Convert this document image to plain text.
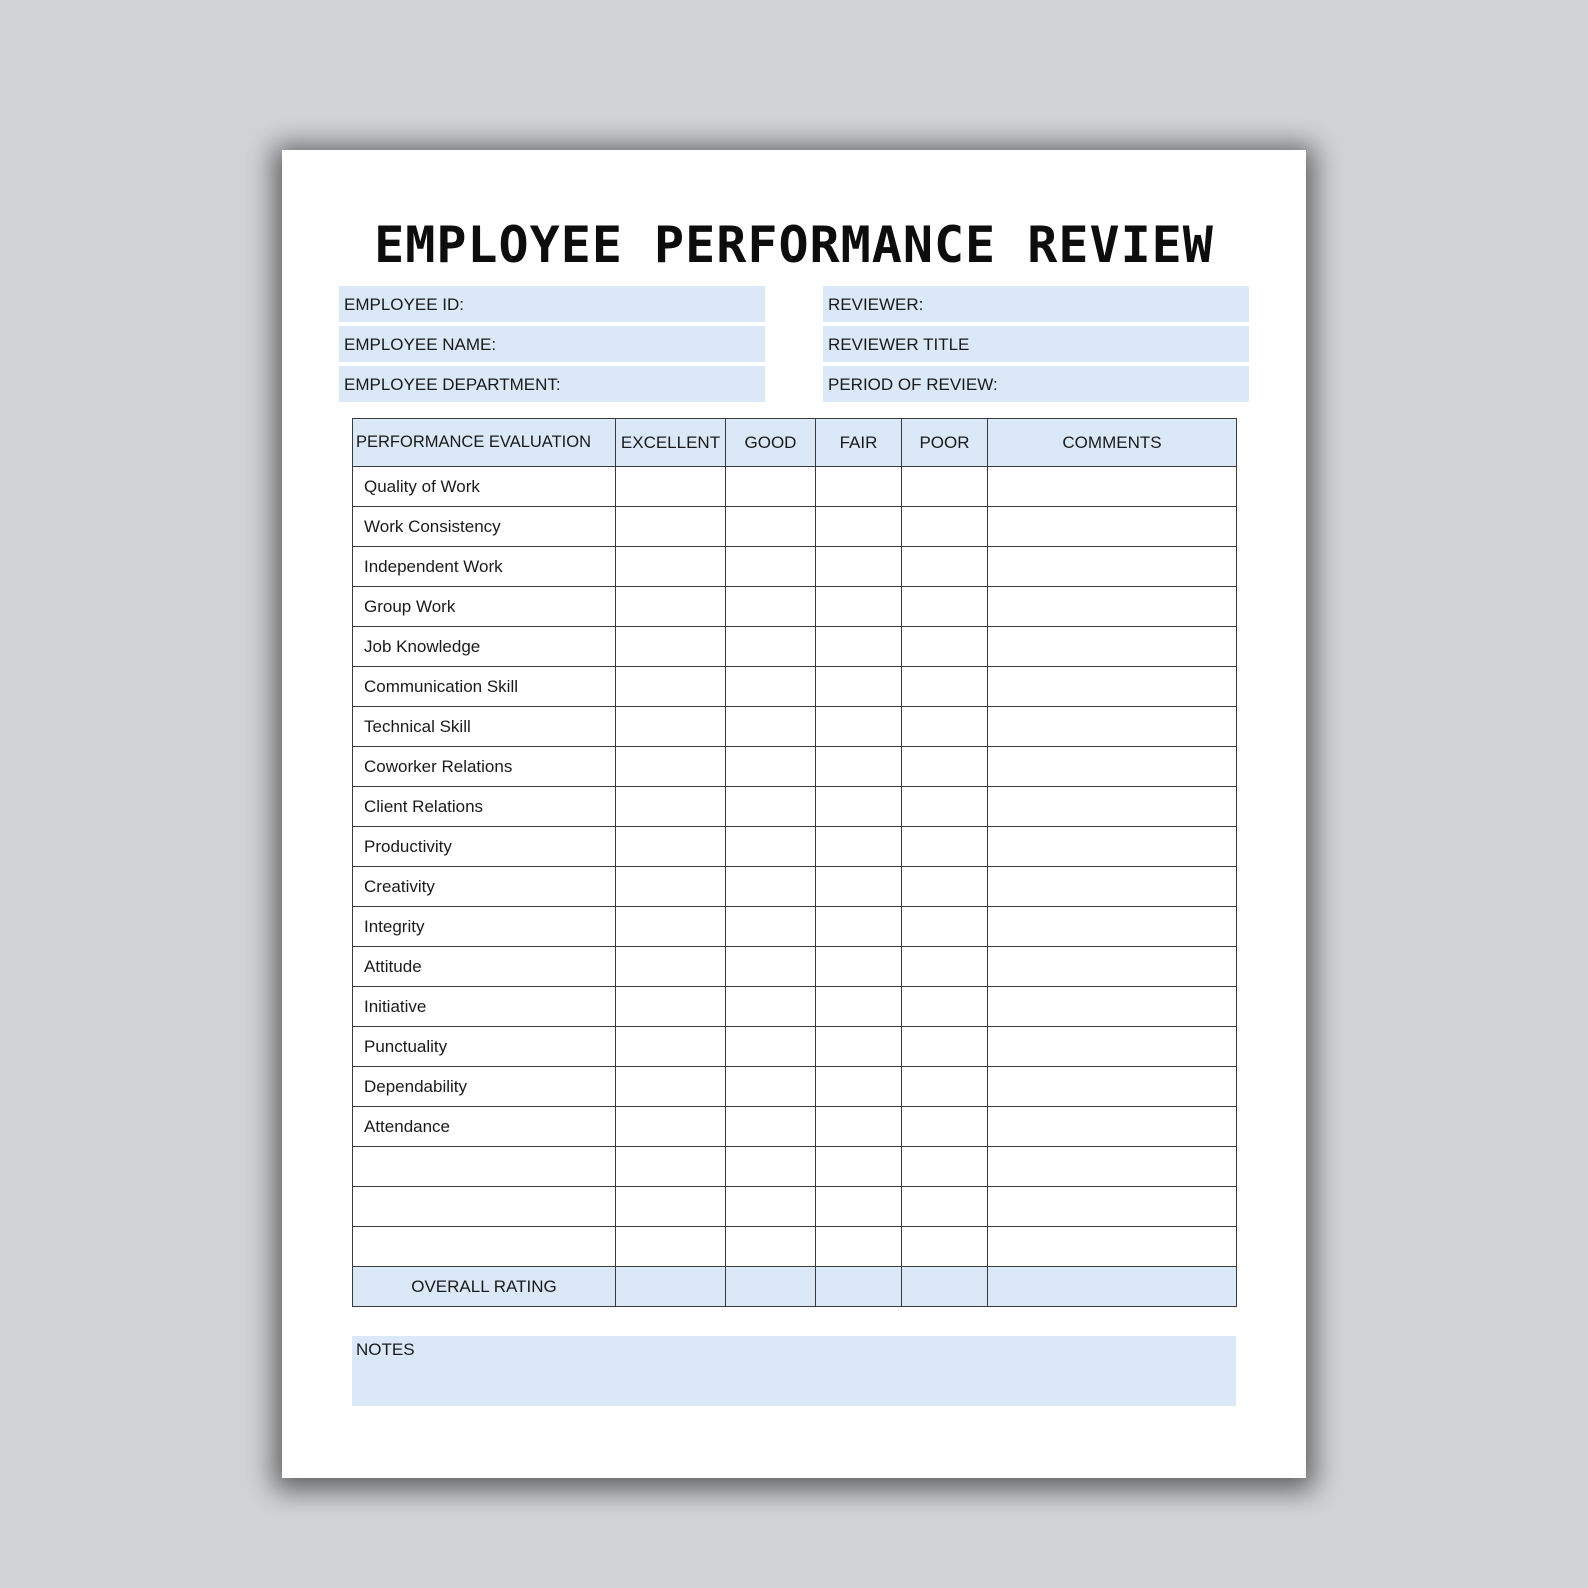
EMPLOYEE PERFORMANCE REVIEW
EMPLOYEE ID:
EMPLOYEE NAME:
EMPLOYEE DEPARTMENT:
REVIEWER:
REVIEWER TITLE
PERIOD OF REVIEW:
PERFORMANCE EVALUATION	EXCELLENT	GOOD	FAIR	POOR	COMMENTS
Quality of Work					
Work Consistency					
Independent Work					
Group Work					
Job Knowledge					
Communication Skill					
Technical Skill					
Coworker Relations					
Client Relations					
Productivity					
Creativity					
Integrity					
Attitude					
Initiative					
Punctuality					
Dependability					
Attendance					

OVERALL RATING					
NOTES
